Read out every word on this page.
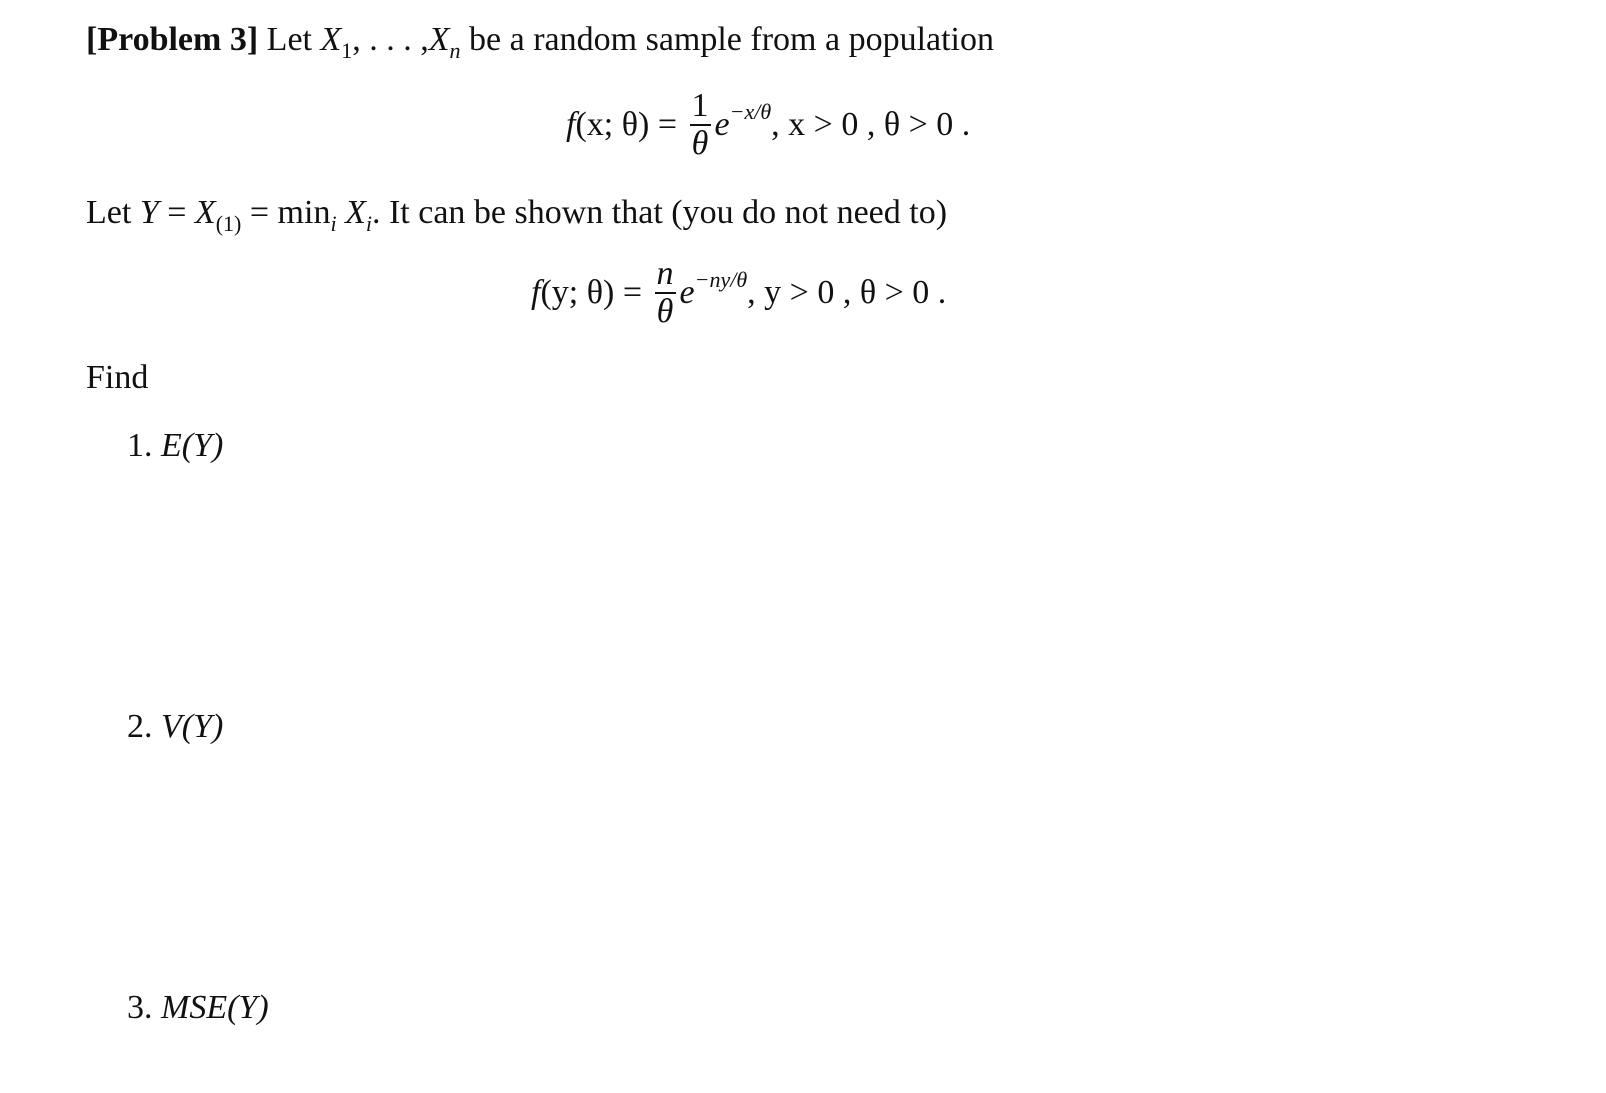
[Problem 3] Let $X_1$, . . . $,X_n$ be a random sample from a population
f(x; $\theta) = \frac{1}{\theta} e^{-x/\theta}$, x > 0 , θ > 0 .
Let $Y = X_{(1)} = \min_i X_i$. It can be shown that (you do not need to)
f(y; $\theta) = \frac{n}{\theta} e^{-ny/\theta}$, y > 0 , θ > 0 .
Find
1. E(Y)
2. V(Y)
3. MSE(Y)
